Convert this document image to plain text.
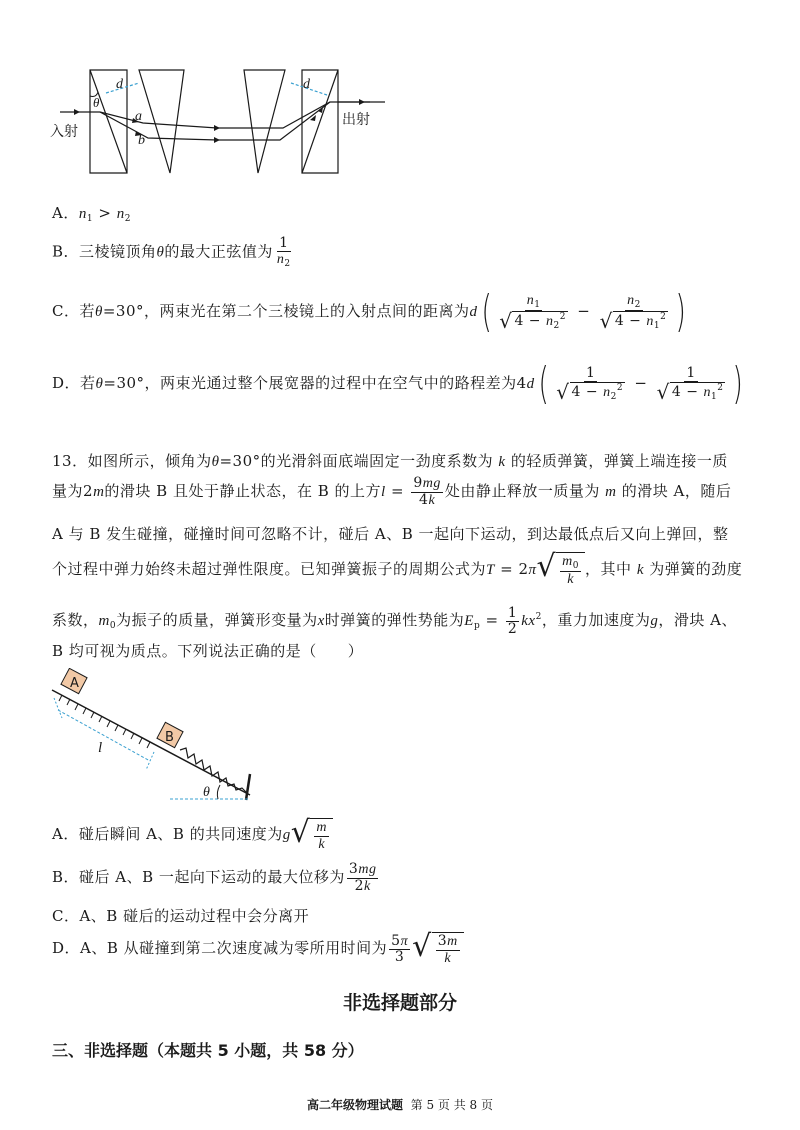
d
θ
a
b
d
入射
出射
A．$n_1 > n_2$
B．三棱镜顶角θ的最大正弦值为 $\frac{1}{n_2}$
C．若θ=30°，两束光在第二个三棱镜上的入射点间的距离为$d( \frac{n_1}{√ 4 - n_2^2} - \frac{n_2}{√ 4 - n_1^2}$ )
D．若θ=30°，两束光通过整个展宽器的过程中在空气中的路程差为$4d( \frac{1}{√ 4 - n_2^2} - \frac{1}{√ 4 - n_1^2}$ )
13．如图所示，倾角为θ=30°的光滑斜面底端固定一劲度系数为 k 的轻质弹簧，弹簧上端连接一质
量为2m的滑块 B 且处于静止状态，在 B 的上方$l = \frac{9mg}{4k}$ 处由静止释放一质量为 m 的滑块 A，随后
A 与 B 发生碰撞，碰撞时间可忽略不计，碰后 A、B 一起向下运动，到达最低点后又向上弹回，整
个过程中弹力始终未超过弹性限度。已知弹簧振子的周期公式为T = 2π √ $\frac{m_0}{k}$ ，其中 k 为弹簧的劲度
系数，$m_0$为振子的质量，弹簧形变量为x时弹簧的弹性势能为$E_p = \frac{1}{2} kx^2$，重力加速度为g，滑块 A、
B 均可视为质点。下列说法正确的是（　　）
A
B
l
θ
A．碰后瞬间 A、B 的共同速度为g √ $\frac{m}{k}$
B．碰后 A、B 一起向下运动的最大位移为 $\frac{3mg}{2k}$
C．A、B 碰后的运动过程中会分离开
D．A、B 从碰撞到第二次速度减为零所用时间为 $\frac{5\pi}{3}$ √ $\frac{3m}{k}$
非选择题部分
三、非选择题（本题共 5 小题，共 58 分）
高二年级物理试题 第 5 页 共 8 页
